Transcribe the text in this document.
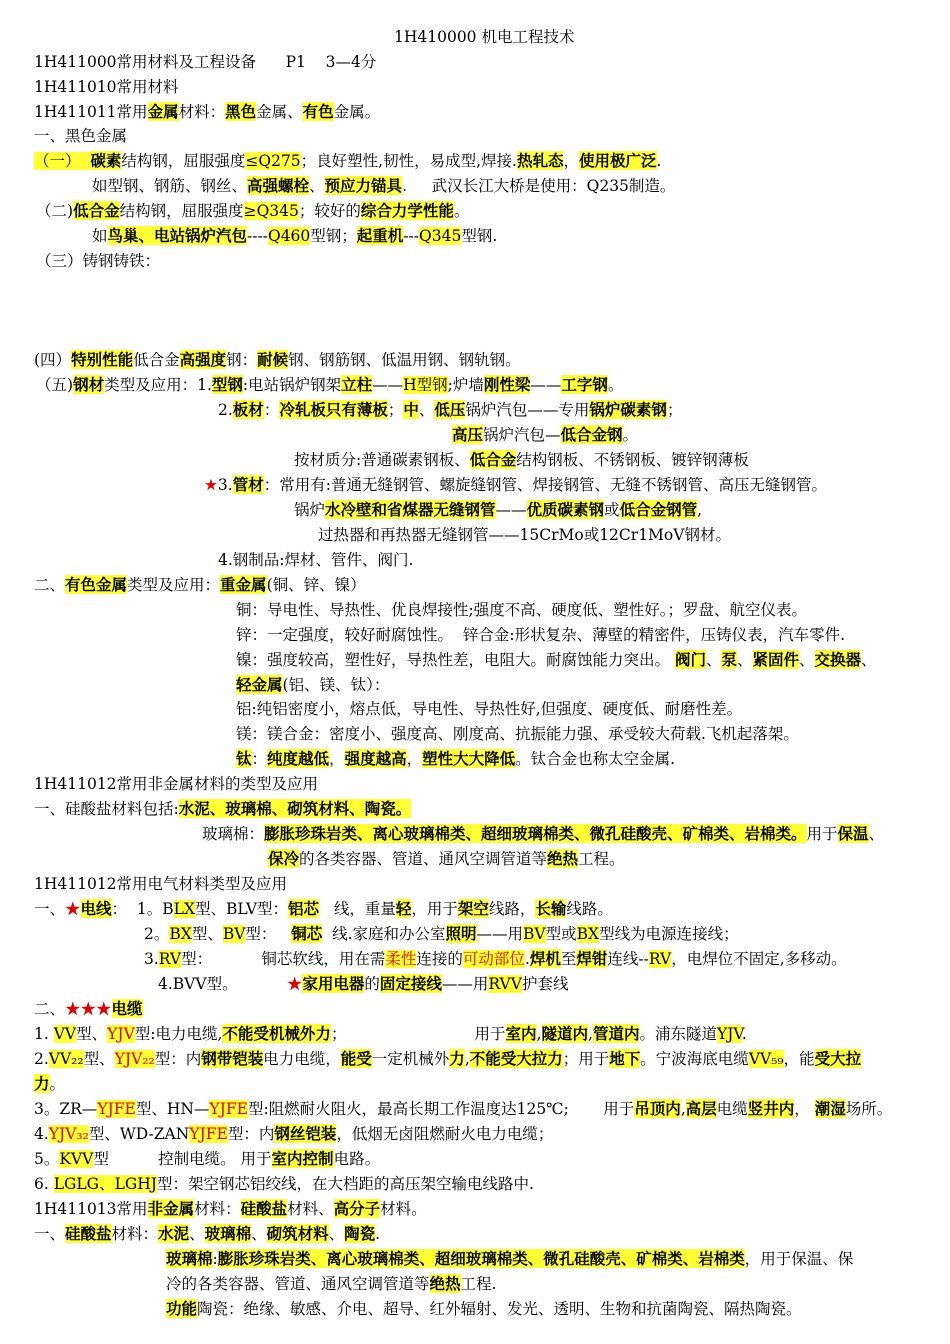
1H410000 机电工程技术
1H411000常用材料及工程设备      P1    3—4分
1H411010常用材料
1H411011常用金属材料：黑色金属、有色金属。
一、黑色金属
（一）  碳素结构钢，屈服强度≤Q275；良好塑性,韧性，易成型,焊接.热轧态，使用极广泛.
如型钢、钢筋、钢丝、高强螺栓、预应力锚具.     武汉长江大桥是使用：Q235制造。
（二)低合金结构钢，屈服强度≥Q345；较好的综合力学性能。
如鸟巢、电站锅炉汽包----Q460型钢；起重机---Q345型钢.
（三）铸钢铸铁：
(四）特别性能低合金高强度钢：耐候钢、钢筋钢、低温用钢、钢轨钢。
（五)钢材类型及应用：1.型钢:电站锅炉钢架立柱——H型钢;炉墙刚性梁——工字钢。
2.板材：冷轧板只有薄板；中、低压锅炉汽包——专用锅炉碳素钢；
高压锅炉汽包—低合金钢。
按材质分:普通碳素钢板、低合金结构钢板、不锈钢板、镀锌钢薄板
★3.管材：常用有:普通无缝钢管、螺旋缝钢管、焊接钢管、无缝不锈钢管、高压无缝钢管。
锅炉水冷壁和省煤器无缝钢管——优质碳素钢或低合金钢管,
过热器和再热器无缝钢管——15CrMo或12Cr1MoV钢材。
4.钢制品:焊材、管件、阀门.
二、有色金属类型及应用：重金属(铜、锌、镍）
铜：导电性、导热性、优良焊接性;强度不高、硬度低、塑性好。；罗盘、航空仪表。
锌：一定强度，较好耐腐蚀性。  锌合金:形状复杂、薄壁的精密件，压铸仪表，汽车零件.
镍：强度较高，塑性好，导热性差，电阻大。耐腐蚀能力突出。 阀门、泵、紧固件、交换器、
轻金属(铝、镁、钛）：
铝:纯铝密度小，熔点低，导电性、导热性好,但强度、硬度低、耐磨性差。
镁：镁合金：密度小、强度高、刚度高、抗振能力强、承受较大荷载.飞机起落架。
钛：纯度越低，强度越高，塑性大大降低。钛合金也称太空金属.
1H411012常用非金属材料的类型及应用
一、硅酸盐材料包括:水泥、玻璃棉、砌筑材料、陶瓷。
玻璃棉：膨胀珍珠岩类、离心玻璃棉类、超细玻璃棉类、微孔硅酸壳、矿棉类、岩棉类。用于保温、
保冷的各类容器、管道、通风空调管道等绝热工程。
1H411012常用电气材料类型及应用
一、★电线：  1。BLX型、BLV型：铝芯   线，重量轻，用于架空线路，长输线路。
2。BX型、BV型：   铜芯  线.家庭和办公室照明——用BV型或BX型线为电源连接线；
3.RV型：          铜芯软线，用在需柔性连接的可动部位.焊机至焊钳连线--RV，电焊位不固定,多移动。
4.BVV型。          ★家用电器的固定接线——用RVV护套线
二、★★★电缆
1. VV型、YJV型:电力电缆,不能受机械外力；                          用于室内,隧道内,管道内。浦东隧道YJV.
2.VV₂₂型、YJV₂₂型：内钢带铠装电力电缆，能受一定机械外力,不能受大拉力；用于地下。宁波海底电缆VV₅₉，能受大拉
力。
3。ZR—YJFE型、HN—YJFE型:阻燃耐火阻火，最高长期工作温度达125℃;       用于吊顶内,高层电缆竖井内， 潮湿场所。
4.YJV₃₂型、WD-ZANYJFE型：内钢丝铠装，低烟无卤阻燃耐火电力电缆；
5。KVV型          控制电缆。 用于室内控制电路。
6. LGLG、LGHJ型：架空钢芯铝绞线，在大档距的高压架空输电线路中.
1H411013常用非金属材料：硅酸盐材料、高分子材料。
一、硅酸盐材料：水泥、玻璃棉、砌筑材料、陶瓷.
玻璃棉:膨胀珍珠岩类、离心玻璃棉类、超细玻璃棉类、微孔硅酸壳、矿棉类、岩棉类，用于保温、保
冷的各类容器、管道、通风空调管道等绝热工程.
功能陶瓷：绝缘、敏感、介电、超导、红外辐射、发光、透明、生物和抗菌陶瓷、隔热陶瓷。
